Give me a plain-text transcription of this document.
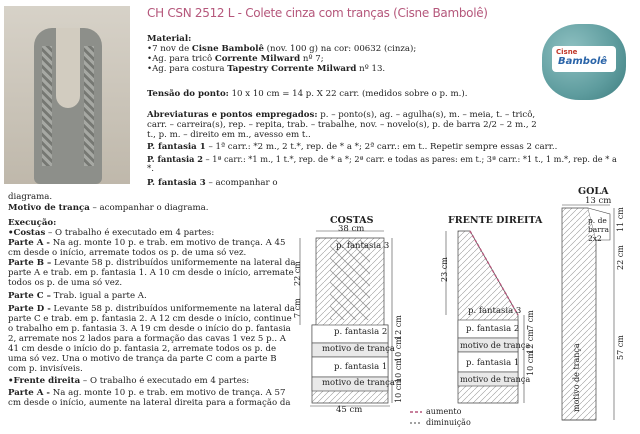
CH CSN 2512 L - Colete cinza com tranças (Cisne Bambolê)
Cisne
Bambolê
Material:
•7 nov de Cisne Bambolê (nov. 100 g) na cor: 00632 (cinza);
•Ag. para tricô Corrente Milward nº 7;
•Ag. para costura Tapestry Corrente Milward nº 13.
Tensão do ponto: 10 x 10 cm = 14 p. X 22 carr. (medidos sobre o p. m.).
Abreviaturas e pontos empregados: p. – ponto(s), ag. – agulha(s), m. – meia, t. – tricô,
carr. – carreira(s), rep. – repita, trab. – trabalhe, nov. – novelo(s), p. de barra 2/2 – 2 m., 2
t., p. m. – direito em m., avesso em t..
P. fantasia 1 – 1ª carr.: *2 m., 2 t.*, rep. de * a *; 2ª carr.: em t.. Repetir sempre essas 2 carr..
P. fantasia 2 – 1ª carr.: *1 m., 1 t.*, rep. de * a *; 2ª carr. e todas as pares: em t.; 3ª carr.: *1 t., 1 m.*, rep. de * a
*.
P. fantasia 3 – acompanhar o
diagrama.
Motivo de trança – acompanhar o diagrama.
Execução:
•Costas – O trabalho é executado em 4 partes:
Parte A - Na ag. monte 10 p. e trab. em motivo de trança. A 45
cm desde o início, arremate todos os p. de uma só vez.
Parte B – Levante 58 p. distribuídos uniformemente na lateral da
parte A e trab. em p. fantasia 1. A 10 cm desde o início, arremate
todos os p. de uma só vez.
Parte C – Trab. igual a parte A.
Parte D - Levante 58 p. distribuídos uniformemente na lateral da
parte C e trab. em p. fantasia 2. A 12 cm desde o início, continue
o trabalho em p. fantasia 3. A 19 cm desde o início do p. fantasia
2, arremate nos 2 lados para a formação das cavas 1 vez 5 p.. A
41 cm desde o início do p. fantasia 2, arremate todos os p. de
uma só vez. Una o motivo de trança da parte C com a parte B
com p. invisíveis.
•Frente direita – O trabalho é executado em 4 partes:
Parte A - Na ag. monte 10 p. e trab. em motivo de trança. A 57
cm desde o início, aumente na lateral direita para a formação da
COSTAS
38 cm
p. fantasia 3
p. fantasia 2
motivo de trança
p. fantasia 1
motivo de trança
45 cm
22 cm
7 cm
12 cm
10 cm
10 cm
10 cm
FRENTE DIREITA
23 cm
p. fantasia 3
p. fantasia 2
motivo de trança
p. fantasia 1
motivo de trança
7 cm
12 cm
10 cm
GOLA
13 cm
11 cm
22 cm
57 cm
p. de barra 2x2
motivo de trança
aumento
diminuição
